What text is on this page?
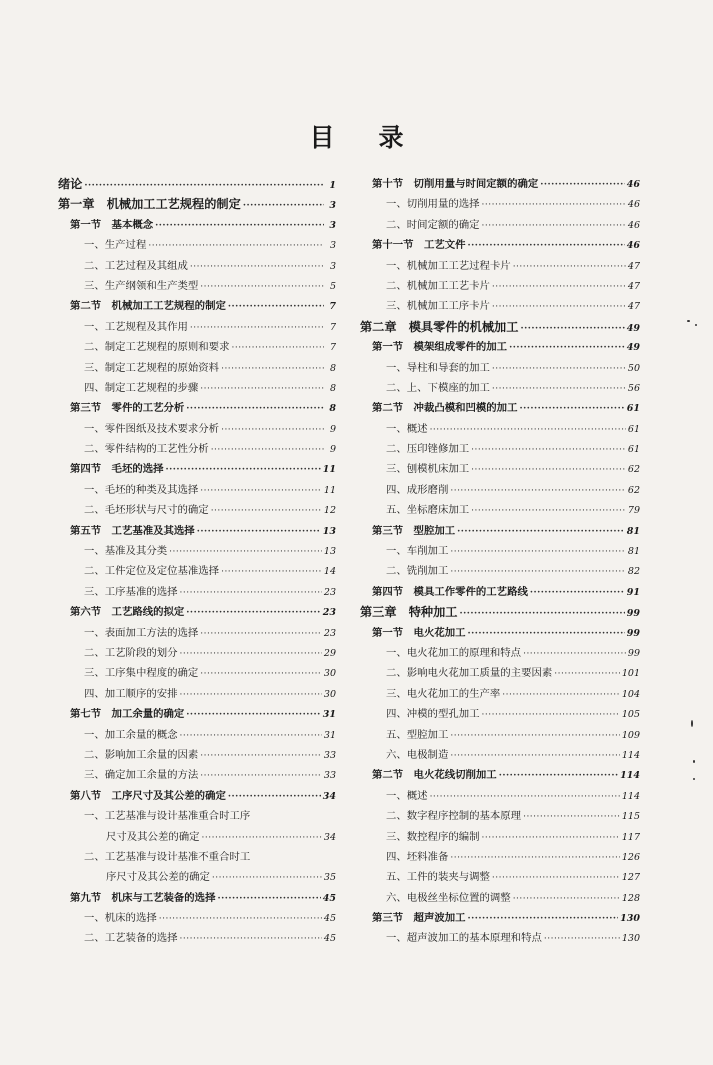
目录
绪论 ·····	1
第一章　机械加工工艺规程的制定 ·····	3
第一节　基本概念 ·····	3
一、生产过程 ·····	3
二、工艺过程及其组成 ·····	3
三、生产纲领和生产类型 ·····	5
第二节　机械加工工艺规程的制定 ·····	7
一、工艺规程及其作用 ·····	7
二、制定工艺规程的原则和要求 ·····	7
三、制定工艺规程的原始资料 ·····	8
四、制定工艺规程的步骤 ·····	8
第三节　零件的工艺分析 ·····	8
一、零件图纸及技术要求分析 ·····	9
二、零件结构的工艺性分析 ·····	9
第四节　毛坯的选择 ·····	11
一、毛坯的种类及其选择 ·····	11
二、毛坯形状与尺寸的确定 ·····	12
第五节　工艺基准及其选择 ·····	13
一、基准及其分类 ·····	13
二、工件定位及定位基准选择 ·····	14
三、工序基准的选择 ·····	23
第六节　工艺路线的拟定 ·····	23
一、表面加工方法的选择 ·····	23
二、工艺阶段的划分 ·····	29
三、工序集中程度的确定 ·····	30
四、加工顺序的安排 ·····	30
第七节　加工余量的确定 ·····	31
一、加工余量的概念 ·····	31
二、影响加工余量的因素 ·····	33
三、确定加工余量的方法 ·····	33
第八节　工序尺寸及其公差的确定 ·····	34
一、工艺基准与设计基准重合时工序
尺寸及其公差的确定 ·····	34
二、工艺基准与设计基准不重合时工
序尺寸及其公差的确定 ·····	35
第九节　机床与工艺装备的选择 ·····	45
一、机床的选择 ·····	45
二、工艺装备的选择 ·····	45
第十节　切削用量与时间定额的确定 ·····	46
一、切削用量的选择 ·····	46
二、时间定额的确定 ·····	46
第十一节　工艺文件 ·····	46
一、机械加工工艺过程卡片 ·····	47
二、机械加工工艺卡片 ·····	47
三、机械加工工序卡片 ·····	47
第二章　模具零件的机械加工 ·····	49
第一节　模架组成零件的加工 ·····	49
一、导柱和导套的加工 ·····	50
二、上、下模座的加工 ·····	56
第二节　冲裁凸模和凹模的加工 ·····	61
一、概述 ·····	61
二、压印锉修加工 ·····	61
三、刨模机床加工 ·····	62
四、成形磨削 ·····	62
五、坐标磨床加工 ·····	79
第三节　型腔加工 ·····	81
一、车削加工 ·····	81
二、铣削加工 ·····	82
第四节　模具工作零件的工艺路线 ·····	91
第三章　特种加工 ·····	99
第一节　电火花加工 ·····	99
一、电火花加工的原理和特点 ·····	99
二、影响电火花加工质量的主要因素 ·····	101
三、电火花加工的生产率 ·····	104
四、冲模的型孔加工 ·····	105
五、型腔加工 ·····	109
六、电极制造 ·····	114
第二节　电火花线切削加工 ·····	114
一、概述 ·····	114
二、数字程序控制的基本原理 ·····	115
三、数控程序的编制 ·····	117
四、坯料准备 ·····	126
五、工件的装夹与调整 ·····	127
六、电极丝坐标位置的调整 ·····	128
第三节　超声波加工 ·····	130
一、超声波加工的基本原理和特点 ·····	130
